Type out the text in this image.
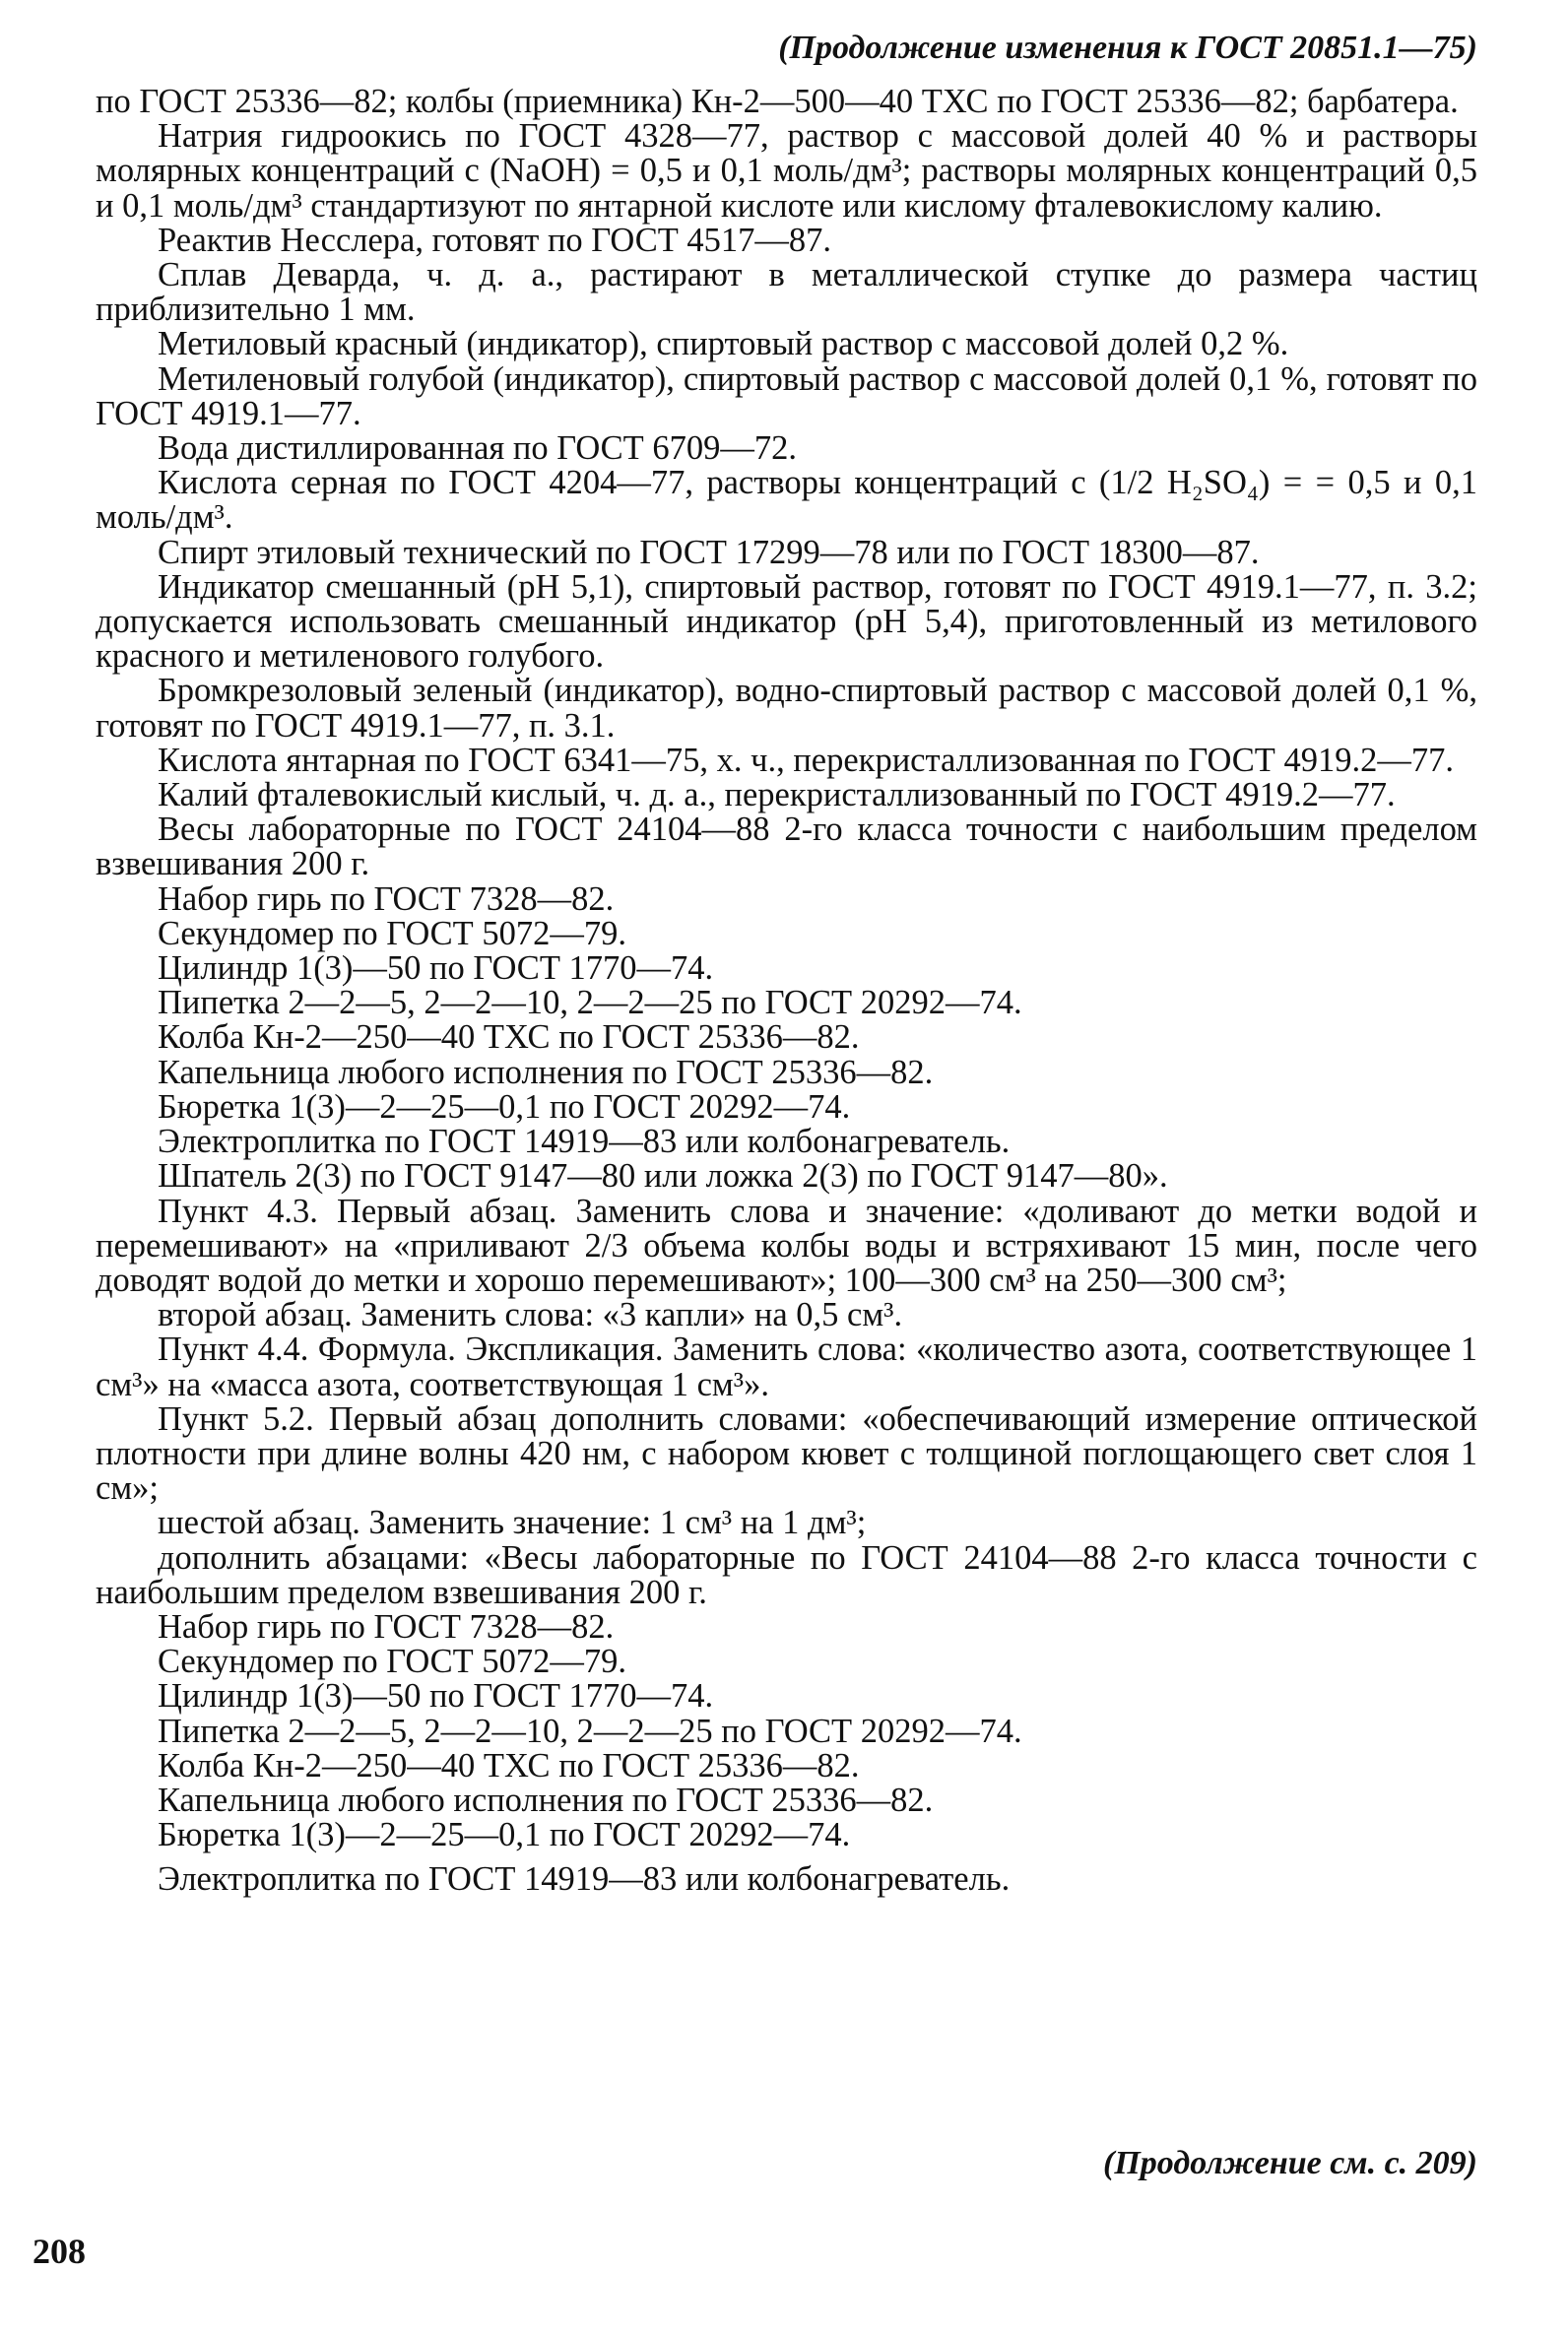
(Продолжение изменения к ГОСТ 20851.1—75)

по ГОСТ 25336—82; колбы (приемника) Кн-2—500—40 ТХС по ГОСТ 25336—82; барбатера.

Натрия гидроокись по ГОСТ 4328—77, раствор с массовой долей 40 % и растворы молярных концентраций c (NaOH) = 0,5 и 0,1 моль/дм³; растворы молярных концентраций 0,5 и 0,1 моль/дм³ стандартизуют по янтарной кислоте или кислому фталевокислому калию.

Реактив Несслера, готовят по ГОСТ 4517—87.

Сплав Деварда, ч. д. а., растирают в металлической ступке до размера частиц приблизительно 1 мм.

Метиловый красный (индикатор), спиртовый раствор с массовой долей 0,2 %.

Метиленовый голубой (индикатор), спиртовый раствор с массовой долей 0,1 %, готовят по ГОСТ 4919.1—77.

Вода дистиллированная по ГОСТ 6709—72.

Кислота серная по ГОСТ 4204—77, растворы концентраций c (1/2 H₂SO₄) = = 0,5 и 0,1 моль/дм³.

Спирт этиловый технический по ГОСТ 17299—78 или по ГОСТ 18300—87.

Индикатор смешанный (pH 5,1), спиртовый раствор, готовят по ГОСТ 4919.1—77, п. 3.2; допускается использовать смешанный индикатор (pH 5,4), приготовленный из метилового красного и метиленового голубого.

Бромкрезоловый зеленый (индикатор), водно-спиртовый раствор с массовой долей 0,1 %, готовят по ГОСТ 4919.1—77, п. 3.1.

Кислота янтарная по ГОСТ 6341—75, х. ч., перекристаллизованная по ГОСТ 4919.2—77.

Калий фталевокислый кислый, ч. д. а., перекристаллизованный по ГОСТ 4919.2—77.

Весы лабораторные по ГОСТ 24104—88 2-го класса точности с наибольшим пределом взвешивания 200 г.

Набор гирь по ГОСТ 7328—82.

Секундомер по ГОСТ 5072—79.

Цилиндр 1(3)—50 по ГОСТ 1770—74.

Пипетка 2—2—5, 2—2—10, 2—2—25 по ГОСТ 20292—74.

Колба Кн-2—250—40 ТХС по ГОСТ 25336—82.

Капельница любого исполнения по ГОСТ 25336—82.

Бюретка 1(3)—2—25—0,1 по ГОСТ 20292—74.

Электроплитка по ГОСТ 14919—83 или колбонагреватель.

Шпатель 2(3) по ГОСТ 9147—80 или ложка 2(3) по ГОСТ 9147—80».

Пункт 4.3. Первый абзац. Заменить слова и значение: «доливают до метки водой и перемешивают» на «приливают 2/3 объема колбы воды и встряхивают 15 мин, после чего доводят водой до метки и хорошо перемешивают»; 100—300 см³ на 250—300 см³;

второй абзац. Заменить слова: «3 капли» на 0,5 см³.

Пункт 4.4. Формула. Экспликация. Заменить слова: «количество азота, соответствующее 1 см³» на «масса азота, соответствующая 1 см³».

Пункт 5.2. Первый абзац дополнить словами: «обеспечивающий измерение оптической плотности при длине волны 420 нм, с набором кювет с толщиной поглощающего свет слоя 1 см»;

шестой абзац. Заменить значение: 1 см³ на 1 дм³;

дополнить абзацами: «Весы лабораторные по ГОСТ 24104—88 2-го класса точности с наибольшим пределом взвешивания 200 г.

Набор гирь по ГОСТ 7328—82.

Секундомер по ГОСТ 5072—79.

Цилиндр 1(3)—50 по ГОСТ 1770—74.

Пипетка 2—2—5, 2—2—10, 2—2—25 по ГОСТ 20292—74.

Колба Кн-2—250—40 ТХС по ГОСТ 25336—82.

Капельница любого исполнения по ГОСТ 25336—82.

Бюретка 1(3)—2—25—0,1 по ГОСТ 20292—74.

Электроплитка по ГОСТ 14919—83 или колбонагреватель.

(Продолжение см. с. 209)
208
